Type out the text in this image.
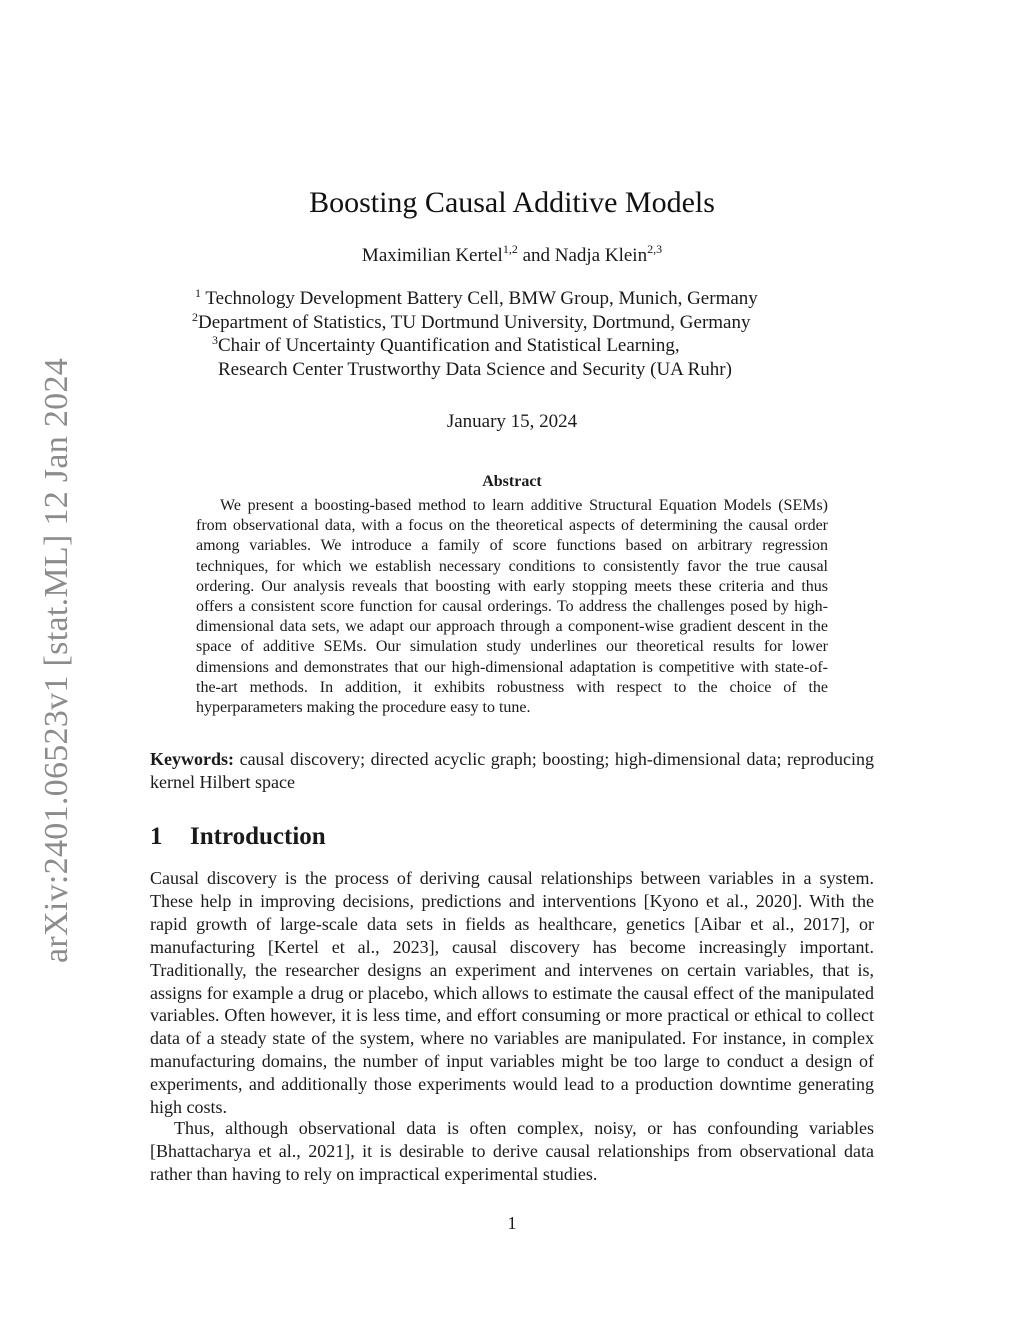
arXiv:2401.06523v1 [stat.ML] 12 Jan 2024
Boosting Causal Additive Models
Maximilian Kertel$^{1,2}$ and Nadja Klein$^{2,3}$
$^1$ Technology Development Battery Cell, BMW Group, Munich, Germany
$^2$Department of Statistics, TU Dortmund University, Dortmund, Germany
$^3$Chair of Uncertainty Quantification and Statistical Learning,
Research Center Trustworthy Data Science and Security (UA Ruhr)
January 15, 2024
Abstract
We present a boosting-based method to learn additive Structural Equation Models (SEMs) from observational data, with a focus on the theoretical aspects of determining the causal order among variables. We introduce a family of score functions based on arbitrary regression techniques, for which we establish necessary conditions to consistently favor the true causal ordering. Our analysis reveals that boosting with early stopping meets these criteria and thus offers a consistent score function for causal orderings. To address the challenges posed by high-dimensional data sets, we adapt our approach through a component-wise gradient descent in the space of additive SEMs. Our simulation study underlines our theoretical results for lower dimensions and demonstrates that our high-dimensional adaptation is competitive with state-of-the-art methods. In addition, it exhibits robustness with respect to the choice of the hyperparameters making the procedure easy to tune.
Keywords: causal discovery; directed acyclic graph; boosting; high-dimensional data; reproducing kernel Hilbert space
1 Introduction
Causal discovery is the process of deriving causal relationships between variables in a system. These help in improving decisions, predictions and interventions [Kyono et al., 2020]. With the rapid growth of large-scale data sets in fields as healthcare, genetics [Aibar et al., 2017], or manufacturing [Kertel et al., 2023], causal discovery has become increasingly important. Traditionally, the researcher designs an experiment and intervenes on certain variables, that is, assigns for example a drug or placebo, which allows to estimate the causal effect of the manipulated variables. Often however, it is less time, and effort consuming or more practical or ethical to collect data of a steady state of the system, where no variables are manipulated. For instance, in complex manufacturing domains, the number of input variables might be too large to conduct a design of experiments, and additionally those experiments would lead to a production downtime generating high costs.
Thus, although observational data is often complex, noisy, or has confounding variables [Bhattacharya et al., 2021], it is desirable to derive causal relationships from observational data rather than having to rely on impractical experimental studies.
1
